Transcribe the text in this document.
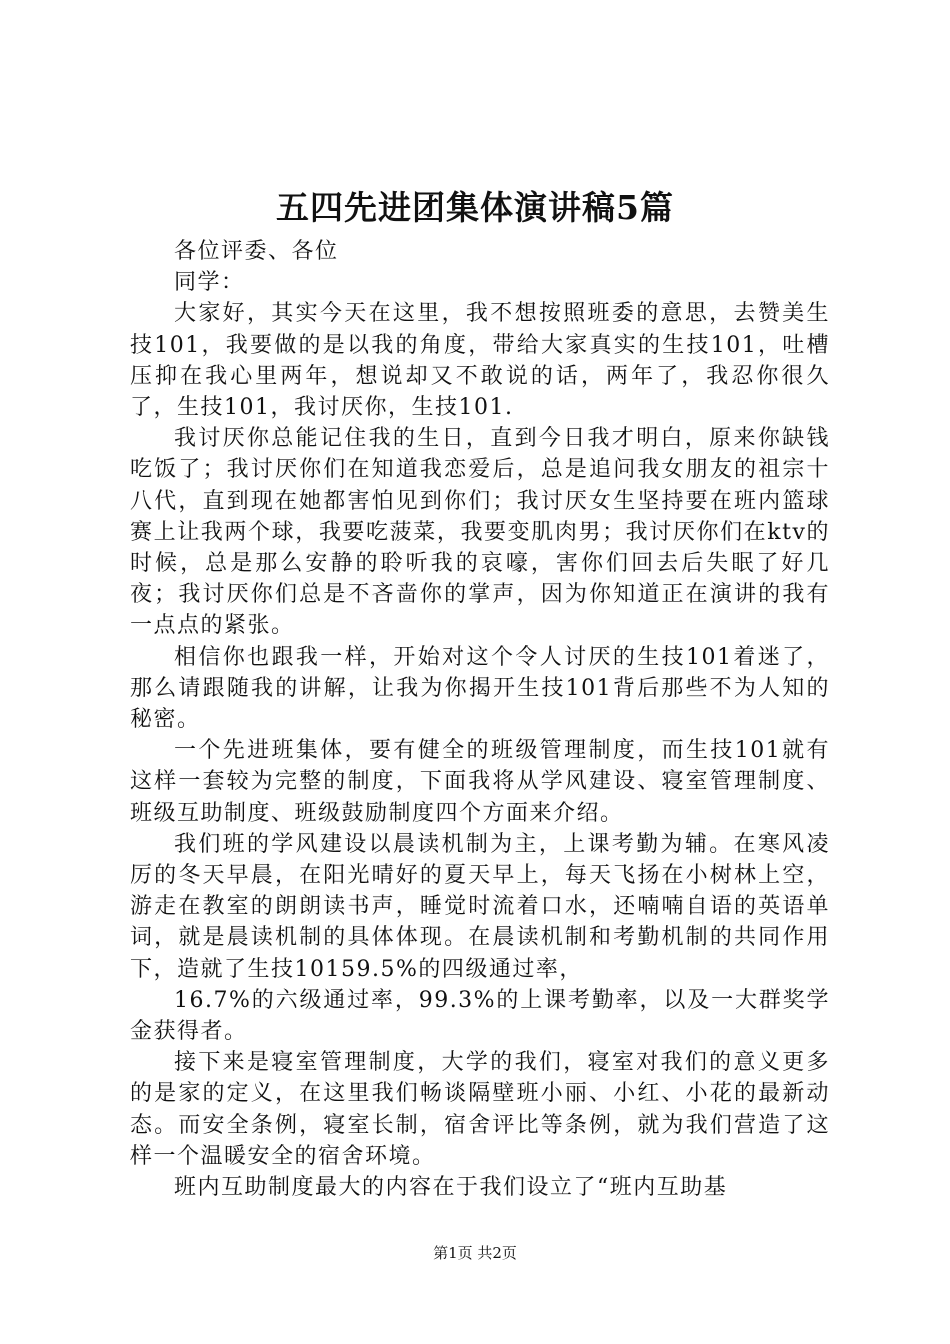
五四先进团集体演讲稿5篇

各位评委、各位

同学：

大家好，其实今天在这里，我不想按照班委的意思，去赞美生技101，我要做的是以我的角度，带给大家真实的生技101，吐槽压抑在我心里两年，想说却又不敢说的话，两年了，我忍你很久了，生技101，我讨厌你，生技101.

我讨厌你总能记住我的生日，直到今日我才明白，原来你缺钱吃饭了；我讨厌你们在知道我恋爱后，总是追问我女朋友的祖宗十八代，直到现在她都害怕见到你们；我讨厌女生坚持要在班内篮球赛上让我两个球，我要吃菠菜，我要变肌肉男；我讨厌你们在ktv的时候，总是那么安静的聆听我的哀嚎，害你们回去后失眠了好几夜；我讨厌你们总是不吝啬你的掌声，因为你知道正在演讲的我有一点点的紧张。

相信你也跟我一样，开始对这个令人讨厌的生技101着迷了，那么请跟随我的讲解，让我为你揭开生技101背后那些不为人知的秘密。

一个先进班集体，要有健全的班级管理制度，而生技101就有这样一套较为完整的制度，下面我将从学风建设、寝室管理制度、班级互助制度、班级鼓励制度四个方面来介绍。

我们班的学风建设以晨读机制为主，上课考勤为辅。在寒风凌厉的冬天早晨，在阳光晴好的夏天早上，每天飞扬在小树林上空，游走在教室的朗朗读书声，睡觉时流着口水，还喃喃自语的英语单词，就是晨读机制的具体体现。在晨读机制和考勤机制的共同作用下，造就了生技10159.5%的四级通过率，

16.7%的六级通过率，99.3%的上课考勤率，以及一大群奖学金获得者。

接下来是寝室管理制度，大学的我们，寝室对我们的意义更多的是家的定义，在这里我们畅谈隔壁班小丽、小红、小花的最新动态。而安全条例，寝室长制，宿舍评比等条例，就为我们营造了这样一个温暖安全的宿舍环境。

班内互助制度最大的内容在于我们设立了“班内互助基

第1页 共2页
